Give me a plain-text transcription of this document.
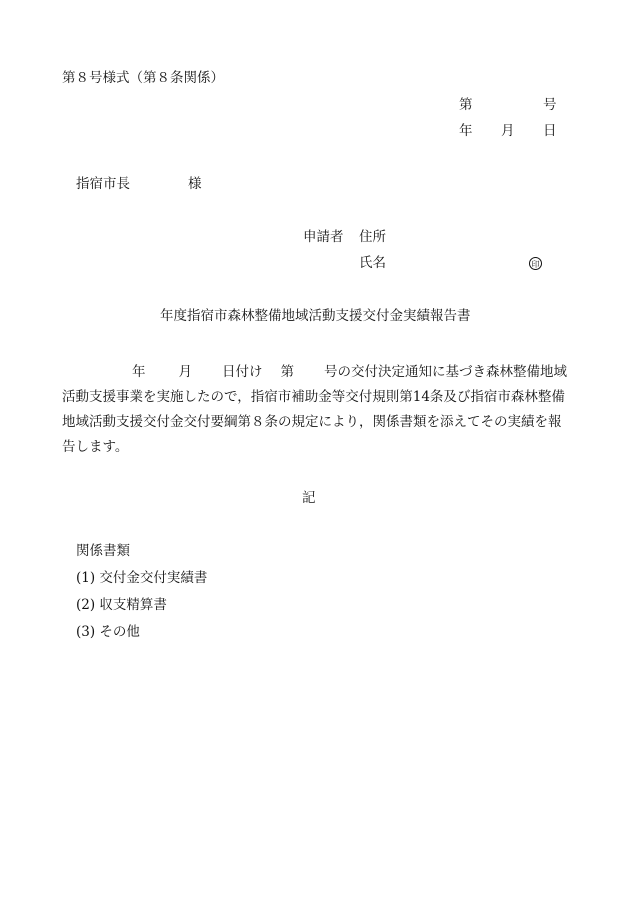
第８号様式（第８条関係）
第	号
年 月 日
指宿市長	様
申請者 住所
氏名	印
年度指宿市森林整備地域活動支援交付金実績報告書
年 月 日付け 第 号の交付決定通知に基づき森林整備地域活動支援事業を実施したので，指宿市補助金等交付規則第14条及び指宿市森林整備地域活動支援交付金交付要綱第８条の規定により，関係書類を添えてその実績を報告します。
記
関係書類
(1) 交付金交付実績書
(2) 収支精算書
(3) その他
